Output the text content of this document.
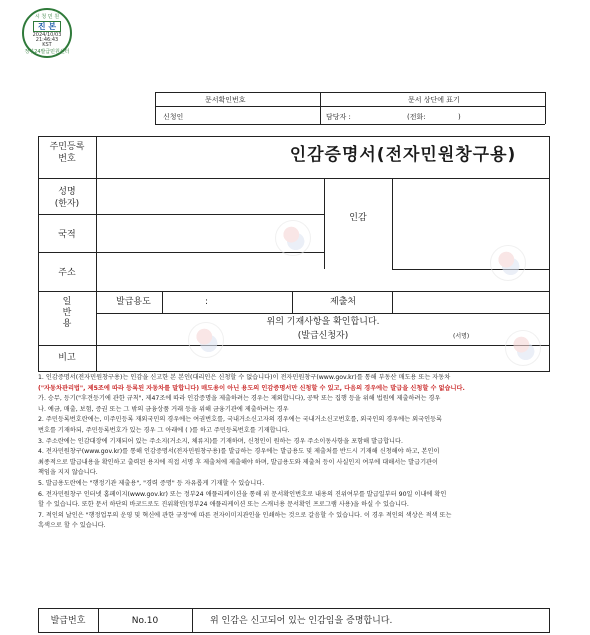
시 청 민 원
진 본
2024/10/03
21:46:43
KST
정부24발급민원센터
문서확인번호	문서 상단에 표기
신청인	담당자 :	(전화:	)
주민등록
번호	인감증명서(전자민원창구용)
성명
(한자)
인감
국적
주소
일
반
용
발급용도	:	제출처
위의 기재사항을 확인합니다.
(발급신청자)	(서명)
비고

1. 인감증명서(전자민원창구용)는 인감을 신고한 본 본인(대리인은 신청할 수 없습니다)이 전자민원창구(www.gov.kr)를 통해 부동산 매도용 또는 자동차

("자동차관리법", 제5조에 따라 등록된 자동차를 말합니다) 매도용이 아닌 용도의 인감증명서만 신청할 수 있고, 다음의 경우에는 발급을 신청할 수 없습니다.

가. 승무, 등기("후견등기에 관한 규칙", 제47조에 따라 인감증명을 제출하려는 경우는 제외합니다), 공탁 또는 집행 등을 위해 법원에 제출하려는 경우

나. 예금, 매출, 보험, 증권 또는 그 밖의 금융상품 거래 등을 위해 금융기관에 제출하려는 경우

2. 주민등록번호란에는, 미주민등록 재외국민의 경우에는 여권번호를, 국내거소신고자의 경우에는 국내거소신고번호를, 외국인의 경우에는 외국인등록

번호를 기재하되, 주민등록번호가 있는 경우 그 아래에 ( )를 하고 주민등록번호를 기재합니다.

3. 주소란에는 인감대장에 기재되어 있는 주소지(거소지, 체류지)를 기재하며, 신청인이 원하는 경우 주소이동사항을 포함해 발급합니다.

4. 전자민원창구(www.gov.kr)를 통해 인감증명서(전자민원창구용)를 발급하는 경우에는 발급용도 및 제출처를 반드시 기재해 신청해야 하고, 본인이

최종적으로 발급내용을 확인하고 출력된 용지에 직접 서명 후 제출처에 제출해야 하며, 발급용도와 제출처 등이 사실인지 여부에 대해서는 발급기관이

책임을 지지 않습니다.

5. 발급용도란에는 "행정기관 제출용", "경력 증명" 등 자유롭게 기재할 수 있습니다.

6. 전자민원창구 인터넷 홈페이지(www.gov.kr) 또는 정부24 애플리케이션을 통해 위 문서확인번호로 내용의 진위여부를 발급일부터 90일 이내에 확인

할 수 있습니다. 또한 문서 하단의 바코드로도 진위확인(정부24 애플리케이션 또는 스캐너용 문서확인 프로그램 사용)을 하실 수 있습니다.

7. 적인의 날인은 "행정업무의 운영 및 혁신에 관한 규정"에 따른 전자이미지관인을 인쇄하는 것으로 갈음할 수 있습니다. 이 경우 적인의 색상은 적색 또는

흑색으로 할 수 있습니다.

발급번호	No.10	위 인감은 신고되어 있는 인감임을 증명합니다.
